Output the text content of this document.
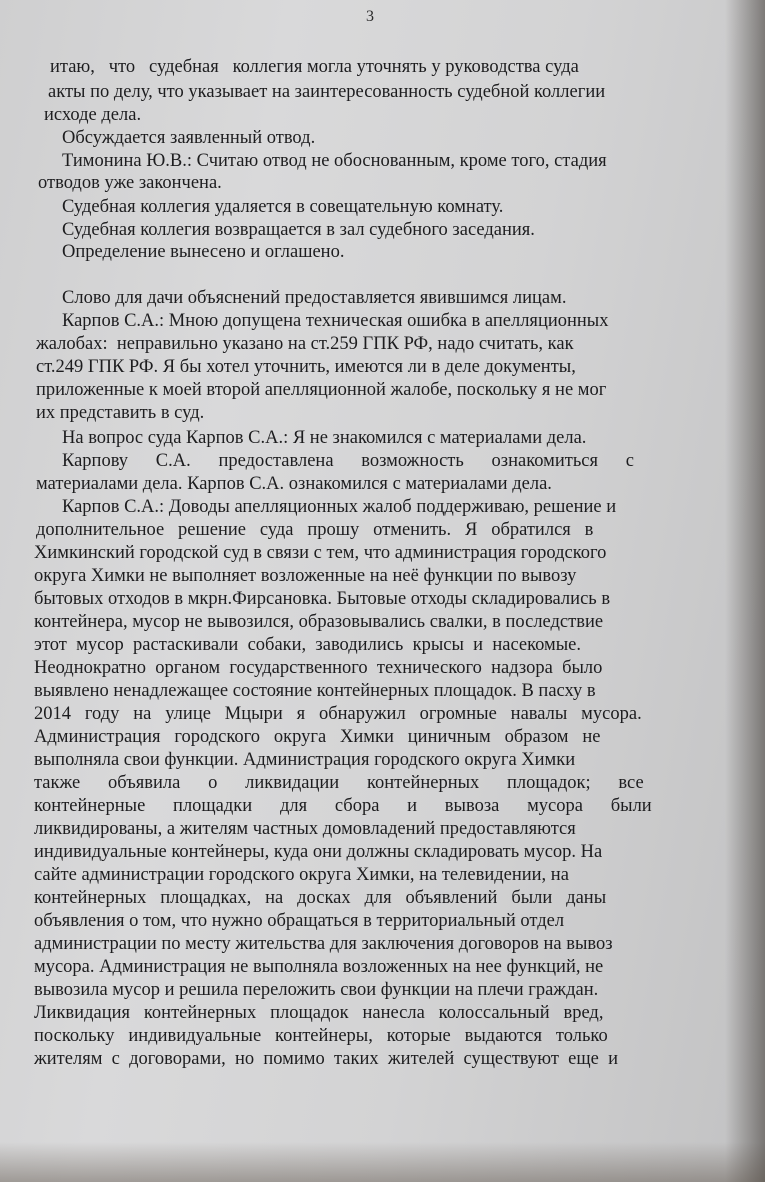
3
итаю,   что   судебная   коллегия могла уточнять у руководства суда
акты по делу, что указывает на заинтересованность судебной коллегии
исходе дела.
Обсуждается заявленный отвод.
Тимонина Ю.В.: Считаю отвод не обоснованным, кроме того, стадия
отводов уже закончена.
Судебная коллегия удаляется в совещательную комнату.
Судебная коллегия возвращается в зал судебного заседания.
Определение вынесено и оглашено.
Слово для дачи объяснений предоставляется явившимся лицам.
Карпов С.А.: Мною допущена техническая ошибка в апелляционных
жалобах:  неправильно указано на ст.259 ГПК РФ, надо считать, как
ст.249 ГПК РФ. Я бы хотел уточнить, имеются ли в деле документы,
приложенные к моей второй апелляционной жалобе, поскольку я не мог
их представить в суд.
На вопрос суда Карпов С.А.: Я не знакомился с материалами дела.
Карпову      С.А.      предоставлена      возможность      ознакомиться      с
материалами дела. Карпов С.А. ознакомился с материалами дела.
Карпов С.А.: Доводы апелляционных жалоб поддерживаю, решение и
дополнительное   решение   суда   прошу   отменить.   Я   обратился   в
Химкинский городской суд в связи с тем, что администрация городского
округа Химки не выполняет возложенные на неё функции по вывозу
бытовых отходов в мкрн.Фирсановка. Бытовые отходы складировались в
контейнера, мусор не вывозился, образовывались свалки, в последствие
этот  мусор  растаскивали  собаки,  заводились  крысы  и  насекомые.
Неоднократно  органом  государственного  технического  надзора  было
выявлено ненадлежащее состояние контейнерных площадок. В пасху в
2014   году   на   улице   Мцыри   я   обнаружил   огромные   навалы   мусора.
Администрация   городского   округа   Химки   циничным   образом   не
выполняла свои функции. Администрация городского округа Химки
также      объявила      о      ликвидации      контейнерных      площадок;      все
контейнерные      площадки      для      сбора      и      вывоза      мусора      были
ликвидированы, а жителям частных домовладений предоставляются
индивидуальные контейнеры, куда они должны складировать мусор. На
сайте администрации городского округа Химки, на телевидении, на
контейнерных   площадках,   на   досках   для   объявлений   были   даны
объявления о том, что нужно обращаться в территориальный отдел
администрации по месту жительства для заключения договоров на вывоз
мусора. Администрация не выполняла возложенных на нее функций, не
вывозила мусор и решила переложить свои функции на плечи граждан.
Ликвидация   контейнерных   площадок   нанесла   колоссальный   вред,
поскольку   индивидуальные   контейнеры,   которые   выдаются   только
жителям  с  договорами,  но  помимо  таких  жителей  существуют  еще  и
